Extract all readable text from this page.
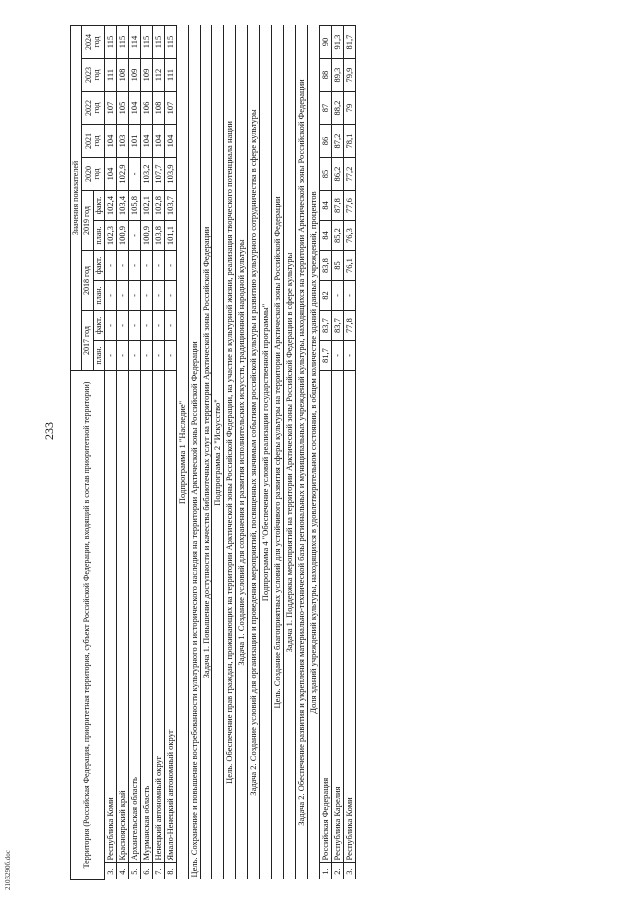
233
2103290б.doc
Территория (Российская Федерация, приоритетная территория, субъект Российской Федерации, входящий в состав приоритетной территории)		Значения показателей										
		2017 год		2018 год		2019 год		2020 год	2021 год	2022 год	2023 год	2024 год
		план.	факт.	план.	факт.	план.	факт.					
3.	Республика Коми	-	-	-	-	102,3	102,4	104	104	107	111	115
4.	Красноярский край	-	-	-	-	100,9	103,4	102,9	103	105	108	115
5.	Архангельская область	-	-	-	-	-	105,8	-	101	104	109	114
6.	Мурманская область	-	-	-	-	100,9	102,1	103,2	104	106	109	115
7.	Ненецкий автономный округ	-	-	-	-	103,8	102,8	107,7	104	108	112	115
8.	Ямало-Ненецкий автономный округ	-	-	-	-	101,1	103,7	103,9	104	107	111	115
Подпрограмма 1 "Наследие"												
Цель. Сохранение и повышение востребованности культурного и исторического наследия на территории Арктической зоны Российской Федерации												
Задача 1. Повышение доступности и качества библиотечных услуг на территории Арктической зоны Российской Федерации												
Подпрограмма 2 "Искусство"												
Цель. Обеспечение прав граждан, проживающих на территории Арктической зоны Российской Федерации, на участие в культурной жизни, реализация творческого потенциала нации												
Задача 1. Создание условий для сохранения и развития исполнительских искусств, традиционной народной культуры												
Задача 2. Создание условий для организации и проведения мероприятий, посвященных значимым событиям российской культуры и развитию культурного сотрудничества в сфере культуры												
Подпрограмма 4 "Обеспечение условий реализации государственной программы"												
Цель. Создание благоприятных условий для устойчивого развития сферы культуры на территории Арктической зоны Российской Федерации												
Задача 1. Поддержка мероприятий на территории Арктической зоны Российской Федерации в сфере культуры												
Задача 2. Обеспечение развития и укрепления материально-технической базы региональных и муниципальных учреждений культуры, находящихся на территории Арктической зоны Российской Федерации												
Доля зданий учреждений культуры, находящихся в удовлетворительном состоянии, в общем количестве зданий данных учреждений, процентов												
1.	Российская Федерация	81,7	83,7	82	83,8	84	84	85	86	87	88	90
2.	Республика Карелия	-	83,7	-	85	85,2	87,8	86,2	87,2	88,2	89,3	91,3
3.	Республика Коми	-	77,8	-	76,1	76,3	77,6	77,2	78,1	79	79,9	81,7
